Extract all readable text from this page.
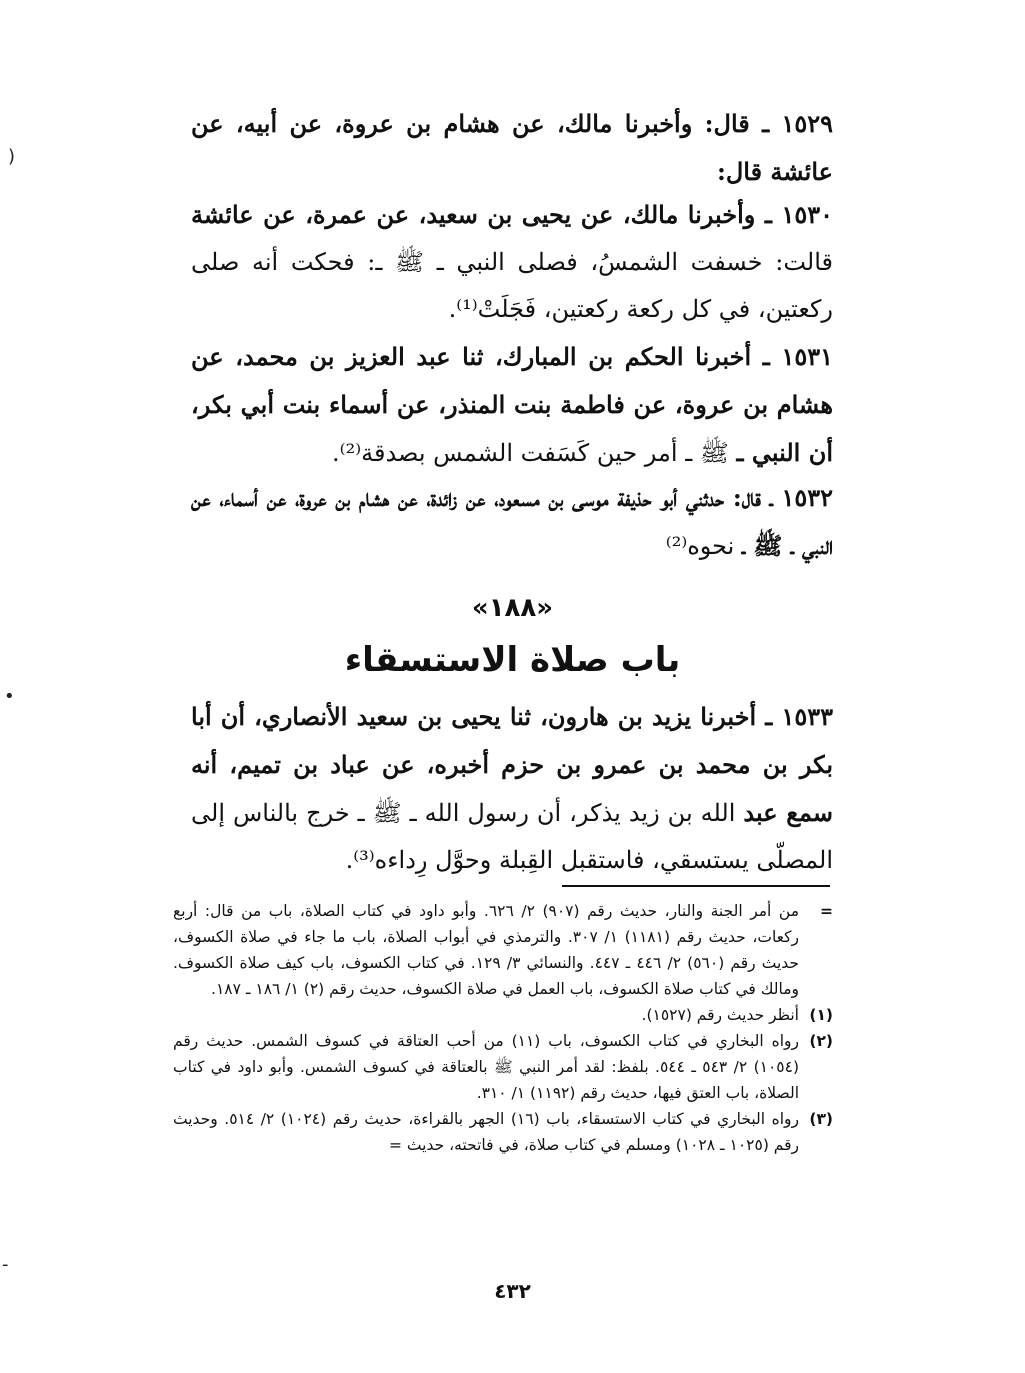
١٥٢٩ ـ قال: وأخبرنا مالك، عن هشام بن عروة، عن أبيه، عن عائشة قال:
١٥٣٠ ـ وأخبرنا مالك، عن يحيى بن سعيد، عن عمرة، عن عائشة قالت: خسفت الشمسُ، فصلى النبي ـ ﷺ ـ: فحكت أنه صلى ركعتين، في كل ركعة ركعتين، فَجَلَتْ⁽¹⁾.
١٥٣١ ـ أخبرنا الحكم بن المبارك، ثنا عبد العزيز بن محمد، عن هشام بن عروة، عن فاطمة بنت المنذر، عن أسماء بنت أبي بكر، أن النبي ـ ﷺ ـ أمر حين كَسَفت الشمس بصدقة⁽²⁾.
١٥٣٢ ـ قال: حدثني أبو حذيفة موسى بن مسعود، عن زائدة، عن هشام بن عروة، عن أسماء، عن النبي ـ ﷺ ـ نحوه⁽²⁾
«١٨٨»
باب صلاة الاستسقاء
١٥٣٣ ـ أخبرنا يزيد بن هارون، ثنا يحيى بن سعيد الأنصاري، أن أبا بكر بن محمد بن عمرو بن حزم أخبره، عن عباد بن تميم، أنه سمع عبد الله بن زيد يذكر، أن رسول الله ـ ﷺ ـ خرج بالناس إلى المصلّى يستسقي، فاستقبل القِبلة وحوَّل رِداءه⁽³⁾.
=
من أمر الجنة والنار، حديث رقم (٩٠٧) ٢/ ٦٢٦. وأبو داود في كتاب الصلاة، باب من قال: أربع ركعات، حديث رقم (١١٨١) ١/ ٣٠٧. والترمذي في أبواب الصلاة، باب ما جاء في صلاة الكسوف، حديث رقم (٥٦٠) ٢/ ٤٤٦ ـ ٤٤٧. والنسائي ٣/ ١٢٩. في كتاب الكسوف، باب كيف صلاة الكسوف. ومالك في كتاب صلاة الكسوف، باب العمل في صلاة الكسوف، حديث رقم (٢) ١/ ١٨٦ ـ ١٨٧.
(١)
أنظر حديث رقم (١٥٢٧).
(٢)
رواه البخاري في كتاب الكسوف، باب (١١) من أحب العتاقة في كسوف الشمس. حديث رقم (١٠٥٤) ٢/ ٥٤٣ ـ ٥٤٤. بلفظ: لقد أمر النبي ﷺ بالعتاقة في كسوف الشمس. وأبو داود في كتاب الصلاة، باب العتق فيها، حديث رقم (١١٩٢) ١/ ٣١٠.
(٣)
رواه البخاري في كتاب الاستسقاء، باب (١٦) الجهر بالقراءة، حديث رقم (١٠٢٤) ٢/ ٥١٤. وحديث رقم (١٠٢٥ ـ ١٠٢٨) ومسلم في كتاب صلاة، في فاتحته، حديث =
٤٣٢
(
•
-
